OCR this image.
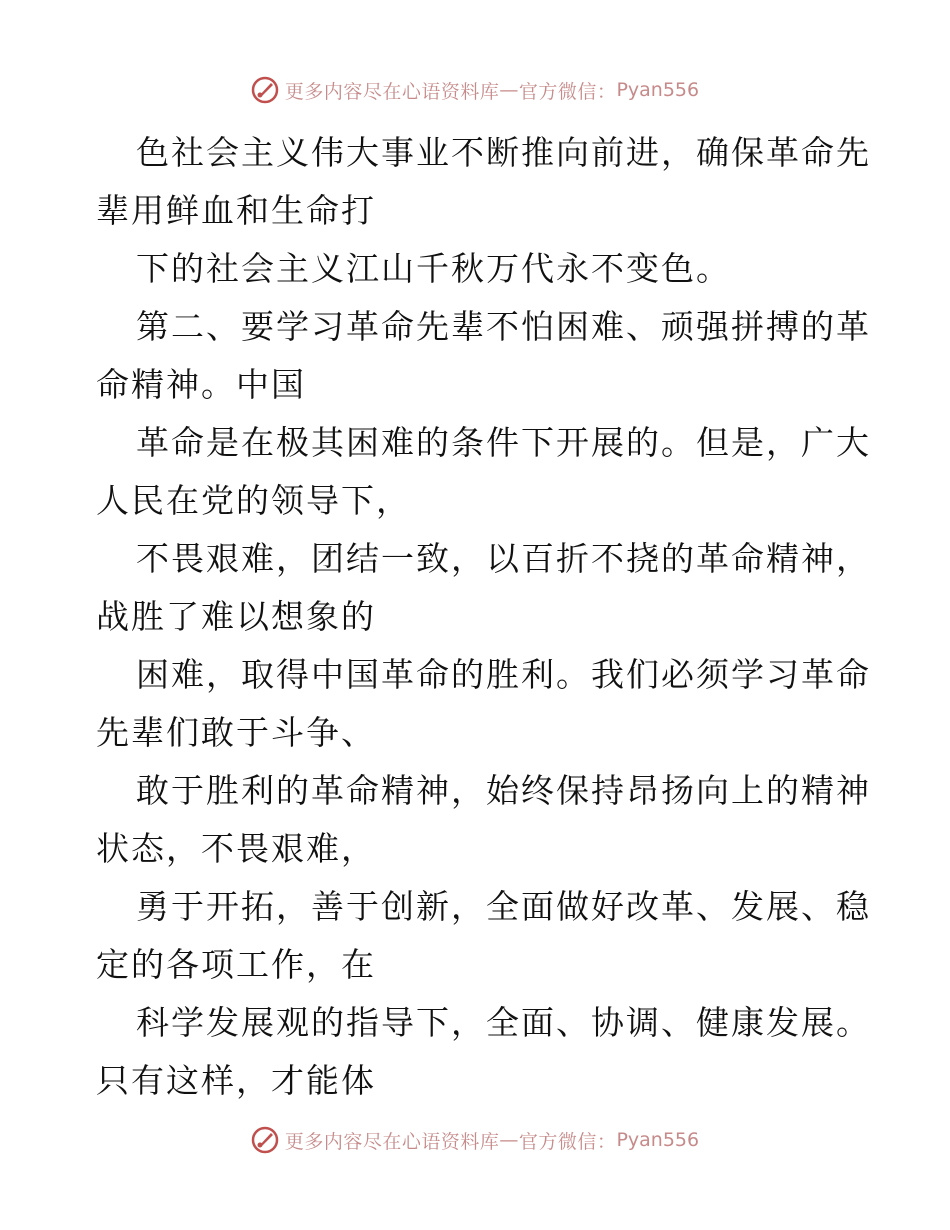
更多内容尽在心语资料库 — 官方微信： Pyan556
色社会主义伟大事业不断推向前进，确保革命先
辈用鲜血和生命打
下的社会主义江山千秋万代永不变色。
第二、要学习革命先辈不怕困难、顽强拼搏的革
命精神。中国
革命是在极其困难的条件下开展的。但是，广大
人民在党的领导下，
不畏艰难，团结一致，以百折不挠的革命精神，
战胜了难以想象的
困难，取得中国革命的胜利。我们必须学习革命
先辈们敢于斗争、
敢于胜利的革命精神，始终保持昂扬向上的精神
状态，不畏艰难，
勇于开拓，善于创新，全面做好改革、发展、稳
定的各项工作，在
科学发展观的指导下，全面、协调、健康发展。
只有这样，才能体
更多内容尽在心语资料库 — 官方微信： Pyan556
